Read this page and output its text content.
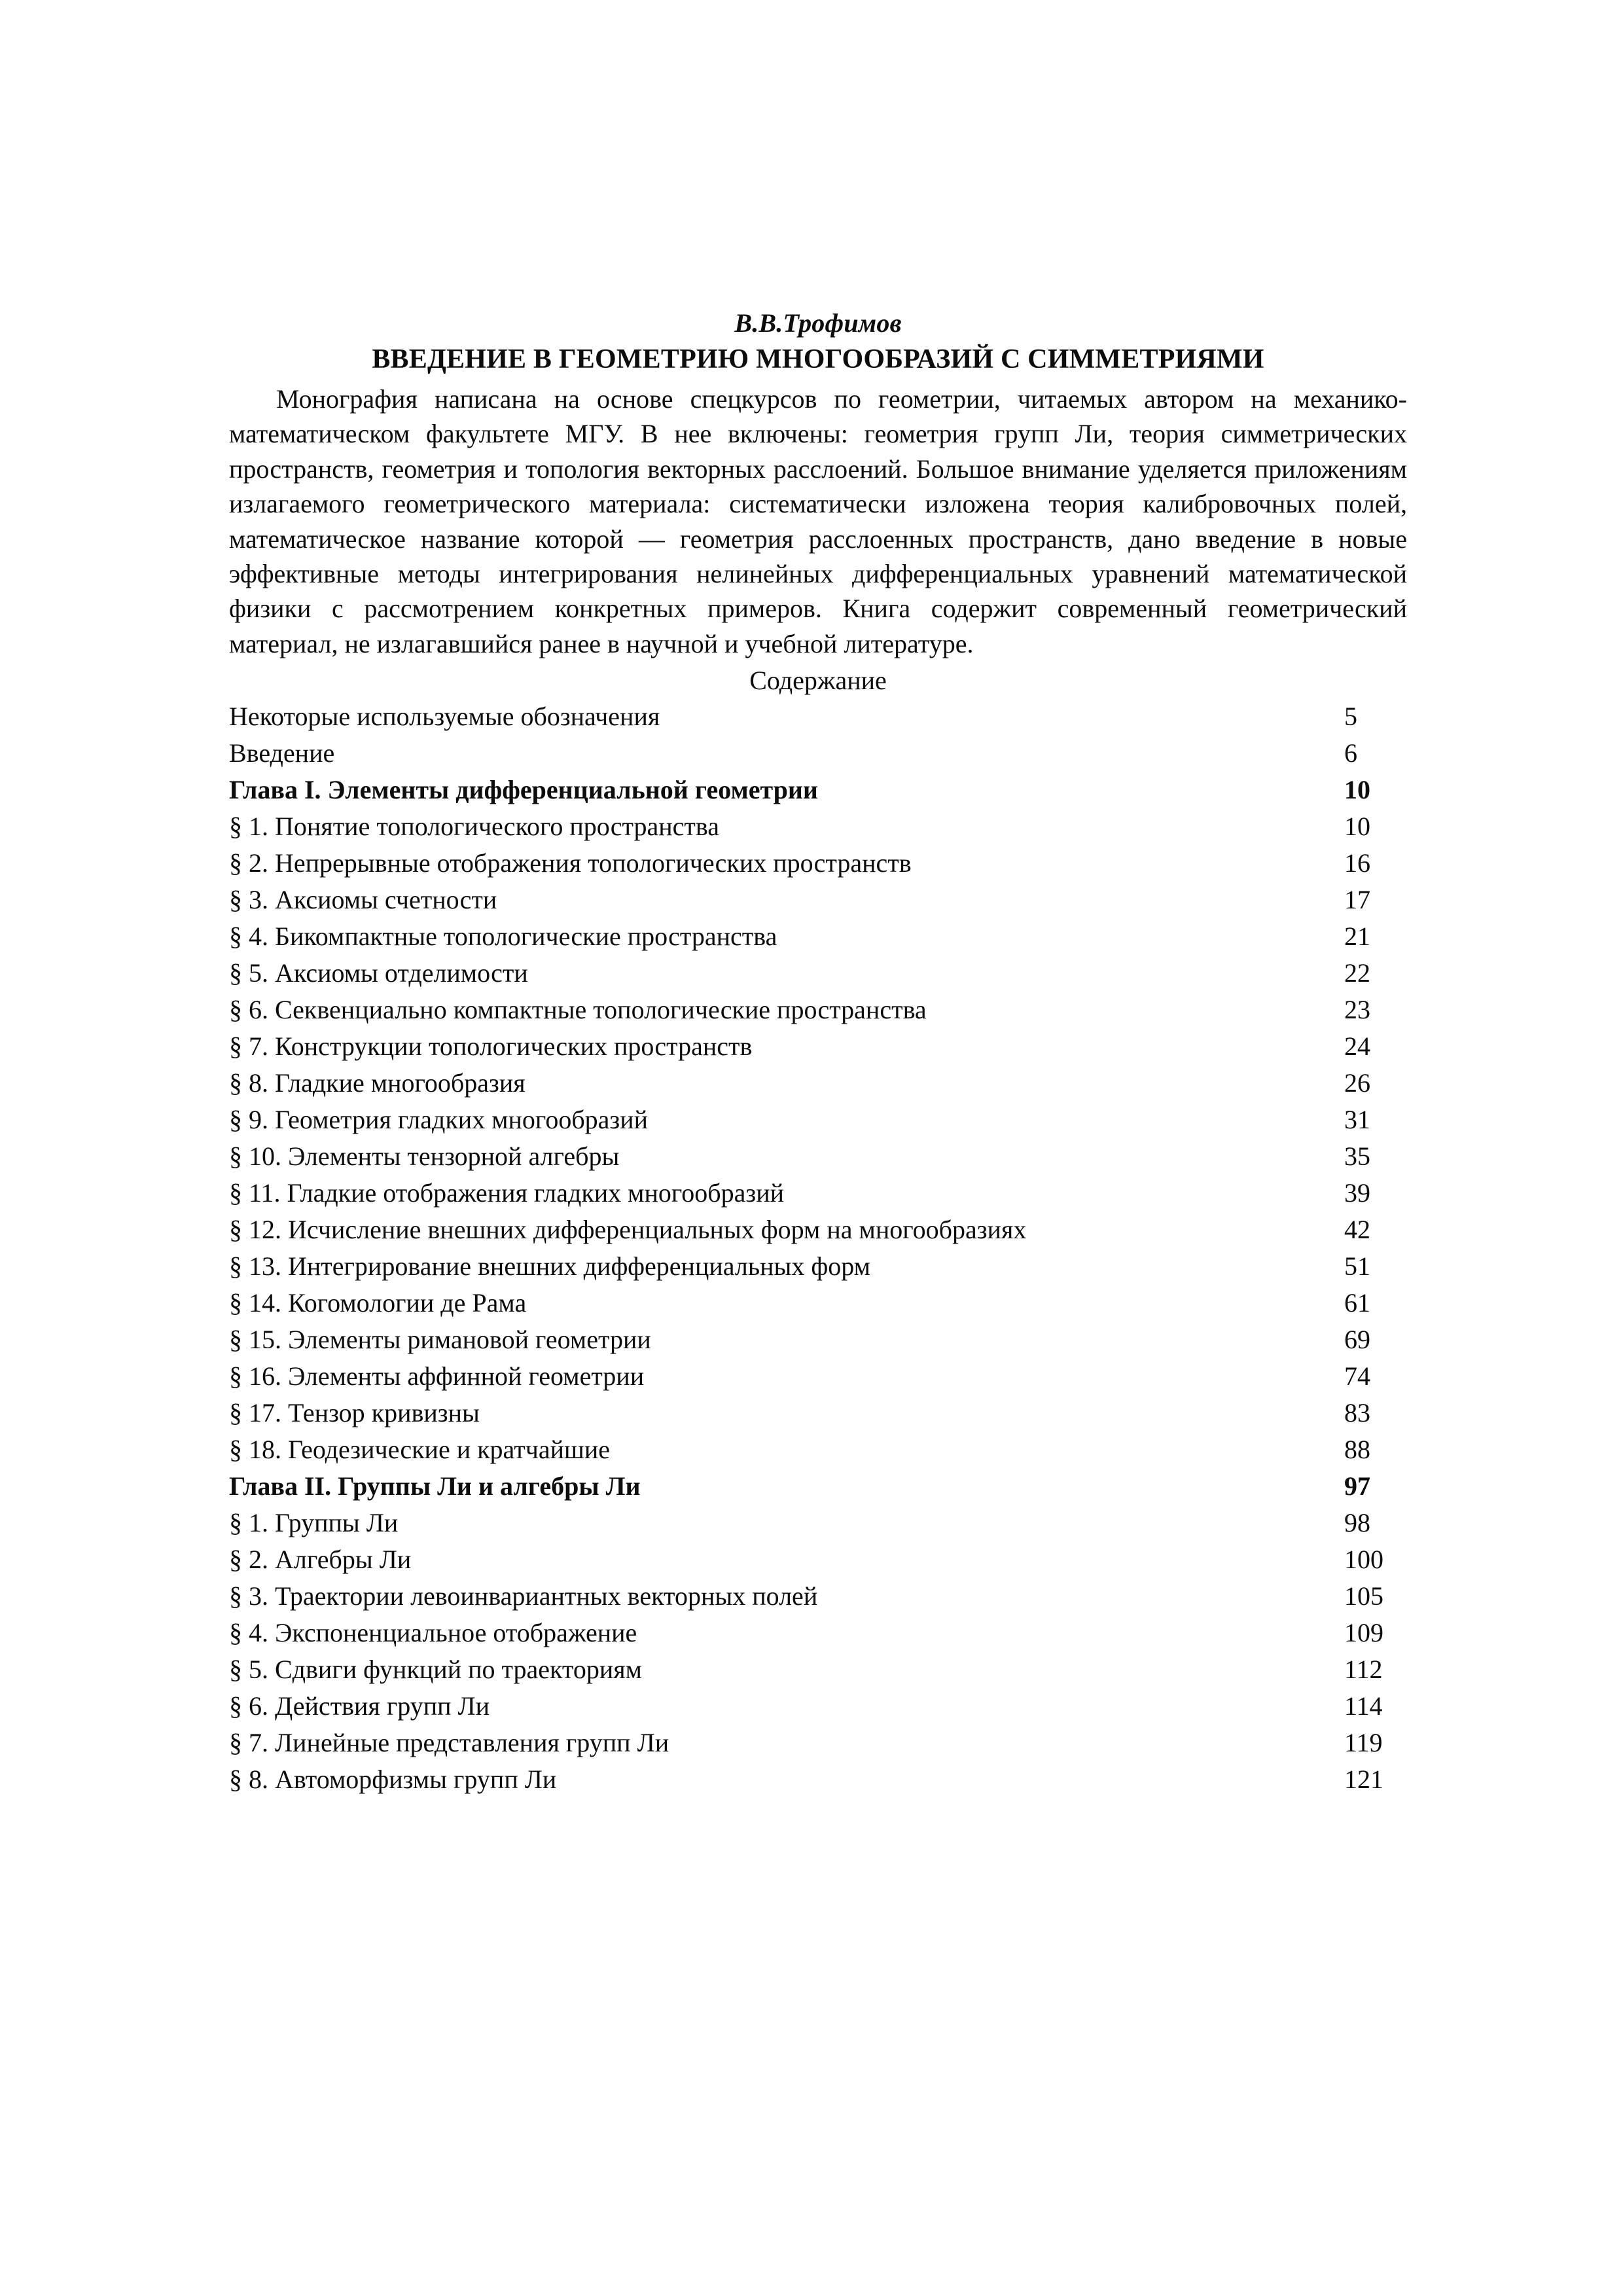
В.В.Трофимов
ВВЕДЕНИЕ В ГЕОМЕТРИЮ МНОГООБРАЗИЙ С СИММЕТРИЯМИ

Монография написана на основе спецкурсов по геометрии, читаемых автором на механико-математическом факультете МГУ. В нее включены: геометрия групп Ли, теория симметрических пространств, геометрия и топология векторных расслоений. Большое внимание уделяется приложениям излагаемого геометрического материала: систематически изложена теория калибровочных полей, математическое название которой — геометрия расслоенных пространств, дано введение в новые эффективные методы интегрирования нелинейных дифференциальных уравнений математической физики с рассмотрением конкретных примеров. Книга содержит современный геометрический материал, не излагавшийся ранее в научной и учебной литературе.

Содержание
Некоторые используемые обозначения	5
Введение	6
Глава I. Элементы дифференциальной геометрии	10
§ 1. Понятие топологического пространства	10
§ 2. Непрерывные отображения топологических пространств	16
§ 3. Аксиомы счетности	17
§ 4. Бикомпактные топологические пространства	21
§ 5. Аксиомы отделимости	22
§ 6. Секвенциально компактные топологические пространства	23
§ 7. Конструкции топологических пространств	24
§ 8. Гладкие многообразия	26
§ 9. Геометрия гладких многообразий	31
§ 10. Элементы тензорной алгебры	35
§ 11. Гладкие отображения гладких многообразий	39
§ 12. Исчисление внешних дифференциальных форм на многообразиях	42
§ 13. Интегрирование внешних дифференциальных форм	51
§ 14. Когомологии де Рама	61
§ 15. Элементы римановой геометрии	69
§ 16. Элементы аффинной геометрии	74
§ 17. Тензор кривизны	83
§ 18. Геодезические и кратчайшие	88
Глава II. Группы Ли и алгебры Ли	97
§ 1. Группы Ли	98
§ 2. Алгебры Ли	100
§ 3. Траектории левоинвариантных векторных полей	105
§ 4. Экспоненциальное отображение	109
§ 5. Сдвиги функций по траекториям	112
§ 6. Действия групп Ли	114
§ 7. Линейные представления групп Ли	119
§ 8. Автоморфизмы групп Ли	121
